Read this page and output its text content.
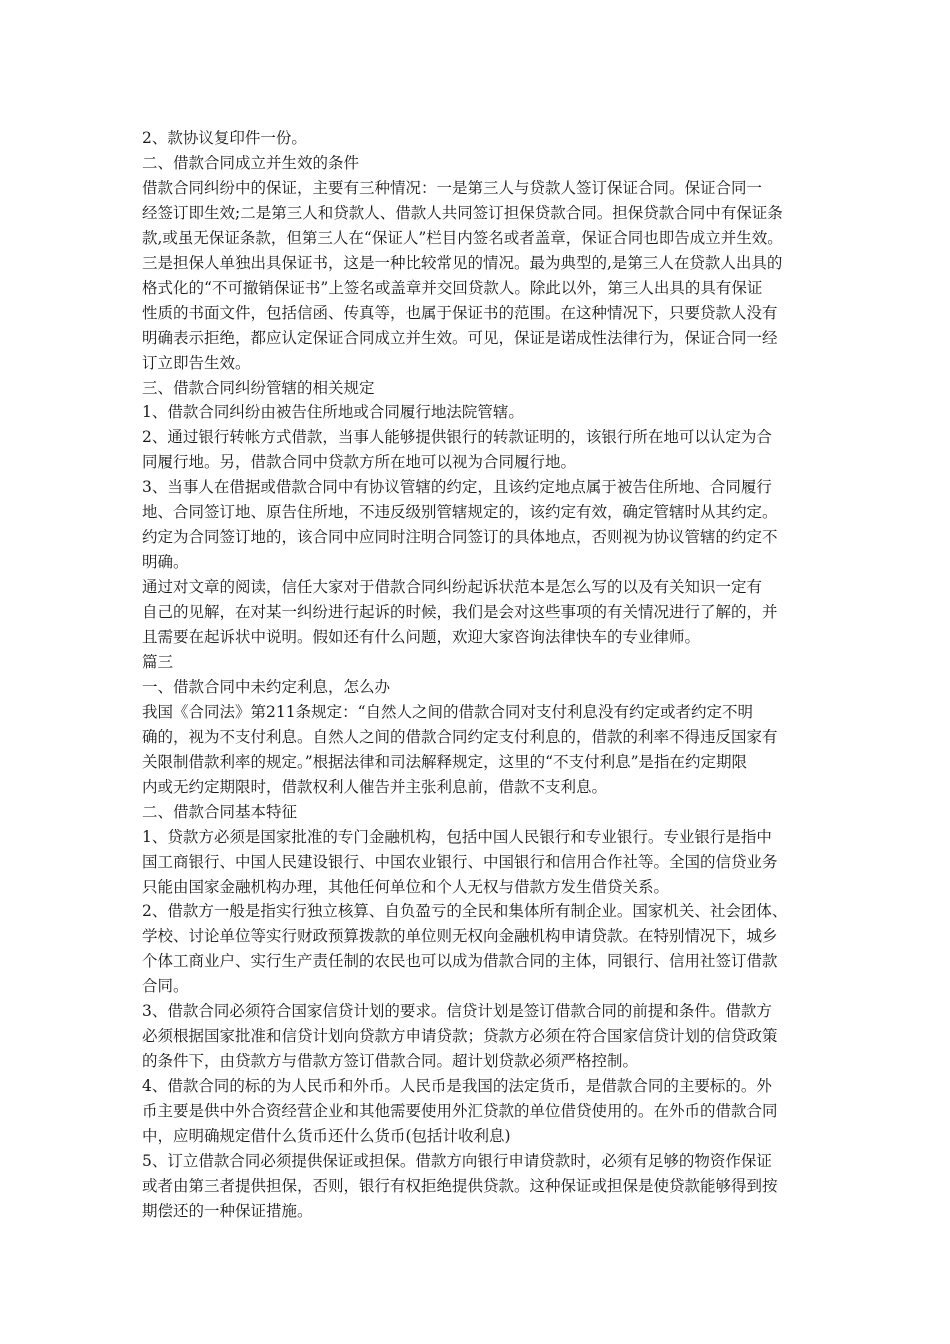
2、款协议复印件一份。
二、借款合同成立并生效的条件
借款合同纠纷中的保证，主要有三种情况：一是第三人与贷款人签订保证合同。保证合同一
经签订即生效;二是第三人和贷款人、借款人共同签订担保贷款合同。担保贷款合同中有保证条
款,或虽无保证条款，但第三人在“保证人”栏目内签名或者盖章，保证合同也即告成立并生效。
三是担保人单独出具保证书，这是一种比较常见的情况。最为典型的,是第三人在贷款人出具的
格式化的“不可撤销保证书”上签名或盖章并交回贷款人。除此以外，第三人出具的具有保证
性质的书面文件，包括信函、传真等，也属于保证书的范围。在这种情况下，只要贷款人没有
明确表示拒绝，都应认定保证合同成立并生效。可见，保证是诺成性法律行为，保证合同一经
订立即告生效。
三、借款合同纠纷管辖的相关规定
1、借款合同纠纷由被告住所地或合同履行地法院管辖。
2、通过银行转帐方式借款，当事人能够提供银行的转款证明的，该银行所在地可以认定为合
同履行地。另，借款合同中贷款方所在地可以视为合同履行地。
3、当事人在借据或借款合同中有协议管辖的约定，且该约定地点属于被告住所地、合同履行
地、合同签订地、原告住所地，不违反级别管辖规定的，该约定有效，确定管辖时从其约定。
约定为合同签订地的，该合同中应同时注明合同签订的具体地点，否则视为协议管辖的约定不
明确。
通过对文章的阅读，信任大家对于借款合同纠纷起诉状范本是怎么写的以及有关知识一定有
自己的见解，在对某一纠纷进行起诉的时候，我们是会对这些事项的有关情况进行了解的，并
且需要在起诉状中说明。假如还有什么问题，欢迎大家咨询法律快车的专业律师。
篇三
一、借款合同中未约定利息，怎么办
我国《合同法》第211条规定：“自然人之间的借款合同对支付利息没有约定或者约定不明
确的，视为不支付利息。自然人之间的借款合同约定支付利息的，借款的利率不得违反国家有
关限制借款利率的规定。”根据法律和司法解释规定，这里的“不支付利息”是指在约定期限
内或无约定期限时，借款权利人催告并主张利息前，借款不支利息。
二、借款合同基本特征
1、贷款方必须是国家批准的专门金融机构，包括中国人民银行和专业银行。专业银行是指中
国工商银行、中国人民建设银行、中国农业银行、中国银行和信用合作社等。全国的信贷业务
只能由国家金融机构办理，其他任何单位和个人无权与借款方发生借贷关系。
2、借款方一般是指实行独立核算、自负盈亏的全民和集体所有制企业。国家机关、社会团体、
学校、讨论单位等实行财政预算拨款的单位则无权向金融机构申请贷款。在特别情况下，城乡
个体工商业户、实行生产责任制的农民也可以成为借款合同的主体，同银行、信用社签订借款
合同。
3、借款合同必须符合国家信贷计划的要求。信贷计划是签订借款合同的前提和条件。借款方
必须根据国家批准和信贷计划向贷款方申请贷款；贷款方必须在符合国家信贷计划的信贷政策
的条件下，由贷款方与借款方签订借款合同。超计划贷款必须严格控制。
4、借款合同的标的为人民币和外币。人民币是我国的法定货币，是借款合同的主要标的。外
币主要是供中外合资经营企业和其他需要使用外汇贷款的单位借贷使用的。在外币的借款合同
中，应明确规定借什么货币还什么货币(包括计收利息)
5、订立借款合同必须提供保证或担保。借款方向银行申请贷款时，必须有足够的物资作保证
或者由第三者提供担保，否则，银行有权拒绝提供贷款。这种保证或担保是使贷款能够得到按
期偿还的一种保证措施。
